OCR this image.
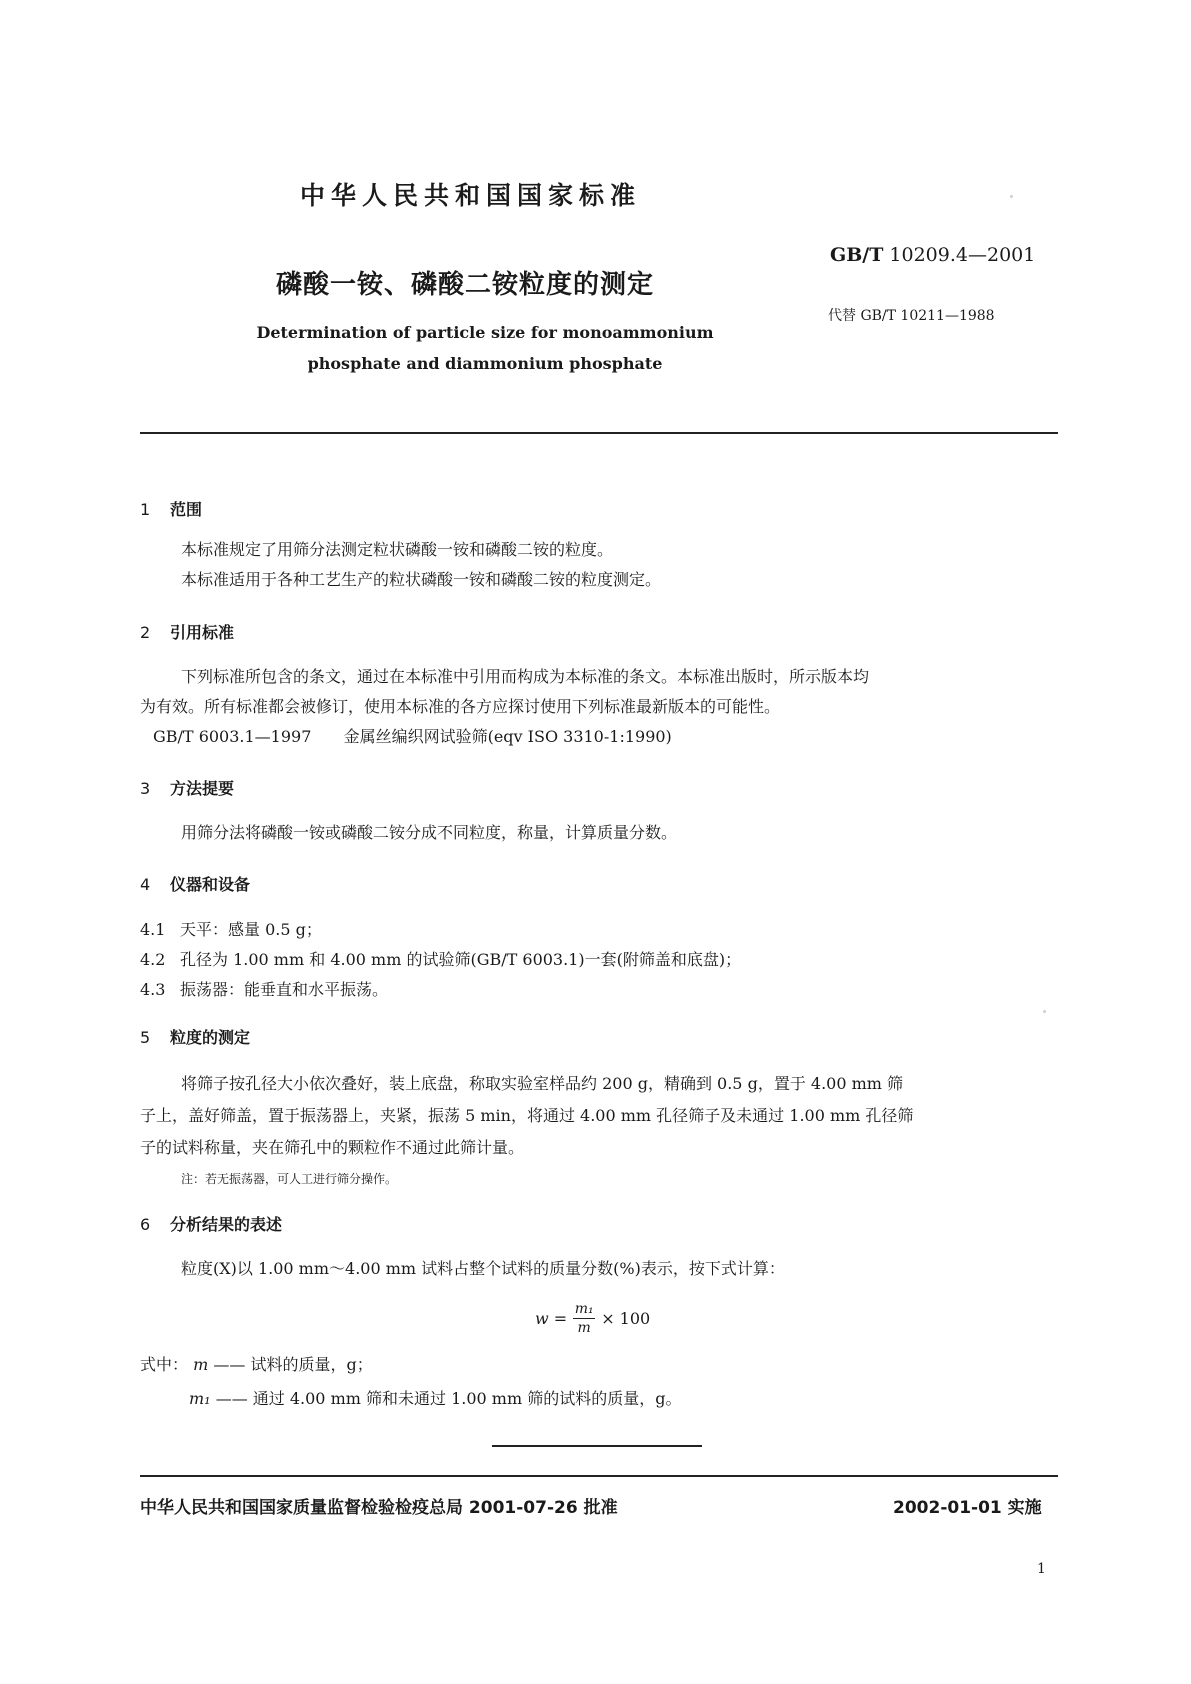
中华人民共和国国家标准
GB/T 10209.4—2001
磷酸一铵、磷酸二铵粒度的测定
代替 GB/T 10211—1988
Determination of particle size for monoammonium
phosphate and diammonium phosphate
1 范围
本标准规定了用筛分法测定粒状磷酸一铵和磷酸二铵的粒度。
本标准适用于各种工艺生产的粒状磷酸一铵和磷酸二铵的粒度测定。
2 引用标准
下列标准所包含的条文，通过在本标准中引用而构成为本标准的条文。本标准出版时，所示版本均
为有效。所有标准都会被修订，使用本标准的各方应探讨使用下列标准最新版本的可能性。
GB/T 6003.1—1997 金属丝编织网试验筛(eqv ISO 3310-1:1990)
3 方法提要
用筛分法将磷酸一铵或磷酸二铵分成不同粒度，称量，计算质量分数。
4 仪器和设备
4.1 天平：感量 0.5 g；
4.2 孔径为 1.00 mm 和 4.00 mm 的试验筛(GB/T 6003.1)一套(附筛盖和底盘)；
4.3 振荡器：能垂直和水平振荡。
5 粒度的测定
将筛子按孔径大小依次叠好，装上底盘，称取实验室样品约 200 g，精确到 0.5 g，置于 4.00 mm 筛
子上，盖好筛盖，置于振荡器上，夹紧，振荡 5 min，将通过 4.00 mm 孔径筛子及未通过 1.00 mm 孔径筛
子的试料称量，夹在筛孔中的颗粒作不通过此筛计量。
注：若无振荡器，可人工进行筛分操作。
6 分析结果的表述
粒度(X)以 1.00 mm～4.00 mm 试料占整个试料的质量分数(%)表示，按下式计算：
$w = \frac{\text{m₁}}{m} \times 100$
式中： m —— 试料的质量，g；
m₁ —— 通过 4.00 mm 筛和未通过 1.00 mm 筛的试料的质量，g。
中华人民共和国国家质量监督检验检疫总局 2001-07-26 批准	2002-01-01 实施
1
